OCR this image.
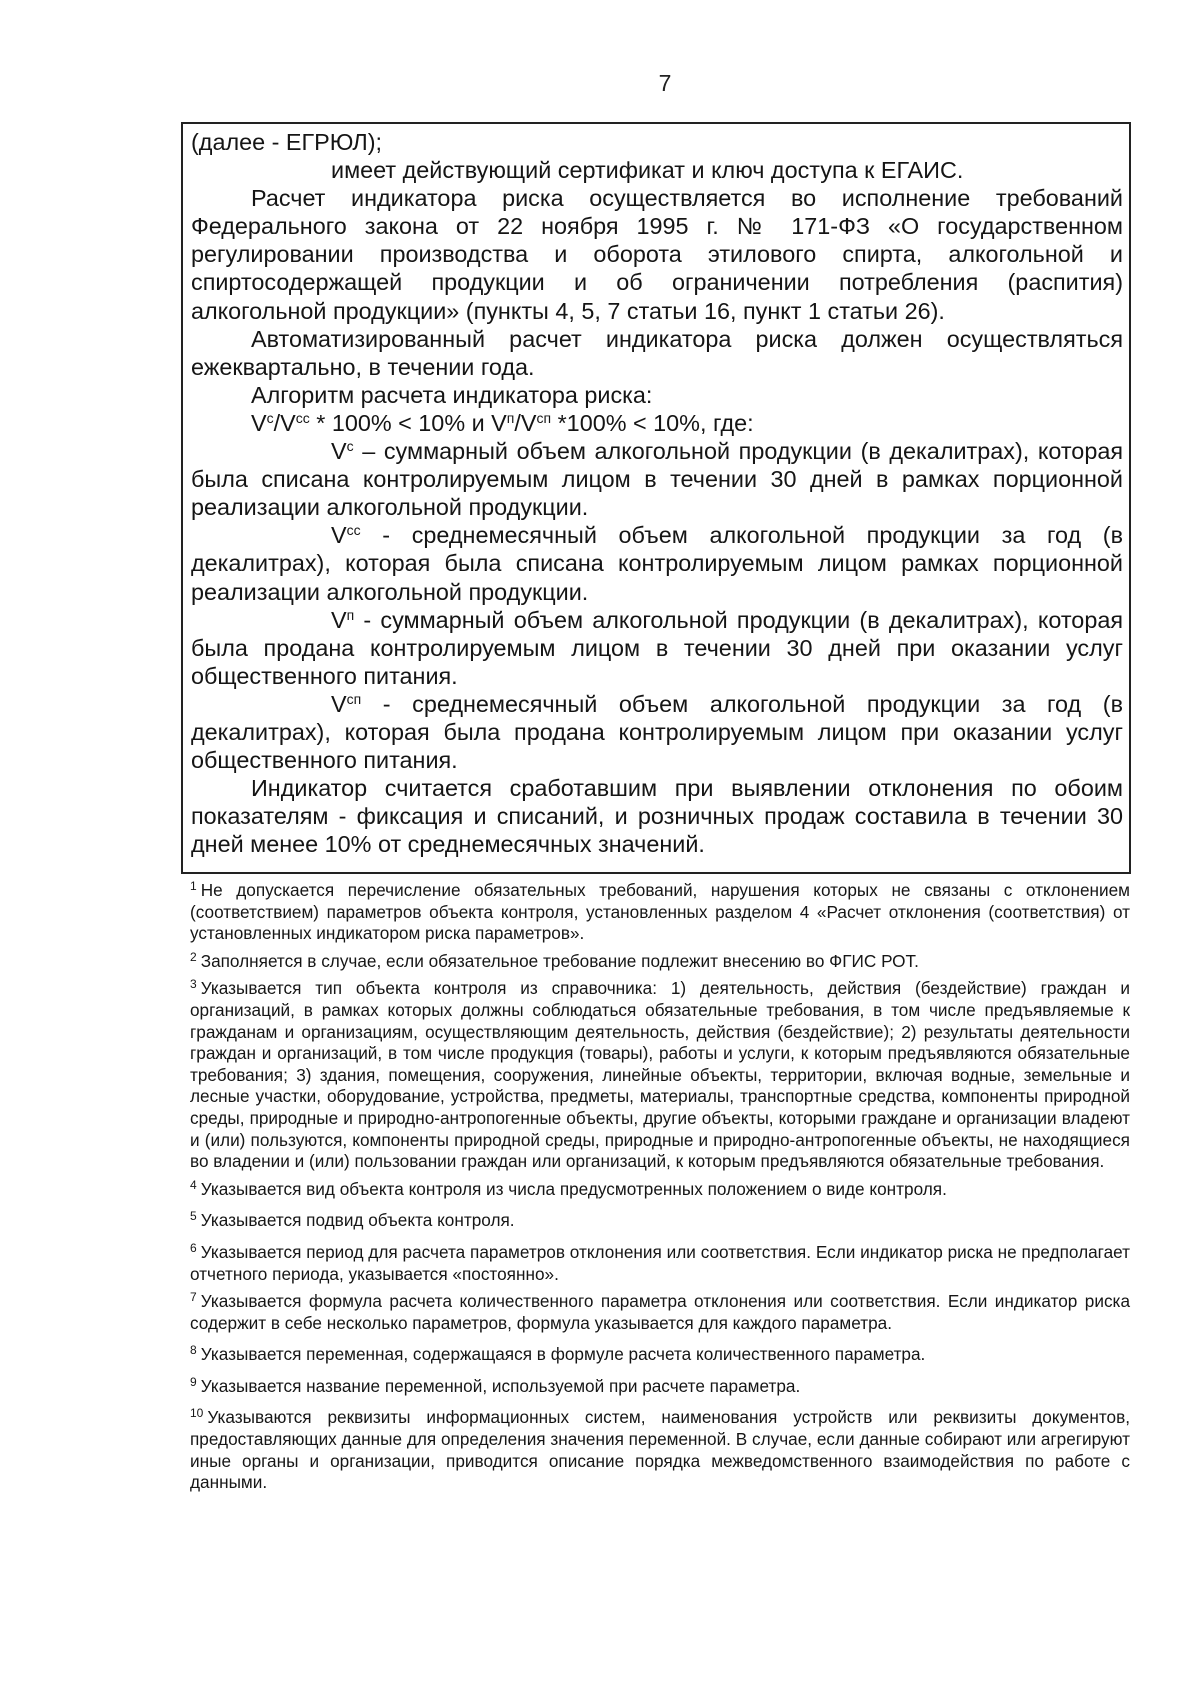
7

(далее - ЕГРЮЛ);

имеет действующий сертификат и ключ доступа к ЕГАИС.

Расчет индикатора риска осуществляется во исполнение требований Федерального закона от 22 ноября 1995 г. № 171-ФЗ «О государственном регулировании производства и оборота этилового спирта, алкогольной и спиртосодержащей продукции и об ограничении потребления (распития) алкогольной продукции» (пункты 4, 5, 7 статьи 16, пункт 1 статьи 26).

Автоматизированный расчет индикатора риска должен осуществляться ежеквартально, в течении года.

Алгоритм расчета индикатора риска:

$V^с/V^{сс} * 100\% < 10\%$ и $V^п/V^{сп}$ *100% < 10%, где:

$V^с$ – суммарный объем алкогольной продукции (в декалитрах), которая была списана контролируемым лицом в течении 30 дней в рамках порционной реализации алкогольной продукции.

$V^{сс}$ - среднемесячный объем алкогольной продукции за год (в декалитрах), которая была списана контролируемым лицом рамках порционной реализации алкогольной продукции.

$V^п$ - суммарный объем алкогольной продукции (в декалитрах), которая была продана контролируемым лицом в течении 30 дней при оказании услуг общественного питания.

$V^{сп}$ - среднемесячный объем алкогольной продукции за год (в декалитрах), которая была продана контролируемым лицом при оказании услуг общественного питания.

Индикатор считается сработавшим при выявлении отклонения по обоим показателям - фиксация и списаний, и розничных продаж составила в течении 30 дней менее 10% от среднемесячных значений.

$^1$ Не допускается перечисление обязательных требований, нарушения которых не связаны с отклонением (соответствием) параметров объекта контроля, установленных разделом 4 «Расчет отклонения (соответствия) от установленных индикатором риска параметров».

$^2$ Заполняется в случае, если обязательное требование подлежит внесению во ФГИС РОТ.

$^3$ Указывается тип объекта контроля из справочника: 1) деятельность, действия (бездействие) граждан и организаций, в рамках которых должны соблюдаться обязательные требования, в том числе предъявляемые к гражданам и организациям, осуществляющим деятельность, действия (бездействие); 2) результаты деятельности граждан и организаций, в том числе продукция (товары), работы и услуги, к которым предъявляются обязательные требования; 3) здания, помещения, сооружения, линейные объекты, территории, включая водные, земельные и лесные участки, оборудование, устройства, предметы, материалы, транспортные средства, компоненты природной среды, природные и природно-антропогенные объекты, другие объекты, которыми граждане и организации владеют и (или) пользуются, компоненты природной среды, природные и природно-антропогенные объекты, не находящиеся во владении и (или) пользовании граждан или организаций, к которым предъявляются обязательные требования.

$^4$ Указывается вид объекта контроля из числа предусмотренных положением о виде контроля.

$^5$ Указывается подвид объекта контроля.

$^6$ Указывается период для расчета параметров отклонения или соответствия. Если индикатор риска не предполагает отчетного периода, указывается «постоянно».

$^7$ Указывается формула расчета количественного параметра отклонения или соответствия. Если индикатор риска содержит в себе несколько параметров, формула указывается для каждого параметра.

$^8$ Указывается переменная, содержащаяся в формуле расчета количественного параметра.

$^9$ Указывается название переменной, используемой при расчете параметра.

$^{10}$ Указываются реквизиты информационных систем, наименования устройств или реквизиты документов, предоставляющих данные для определения значения переменной. В случае, если данные собирают или агрегируют иные органы и организации, приводится описание порядка межведомственного взаимодействия по работе с данными.
